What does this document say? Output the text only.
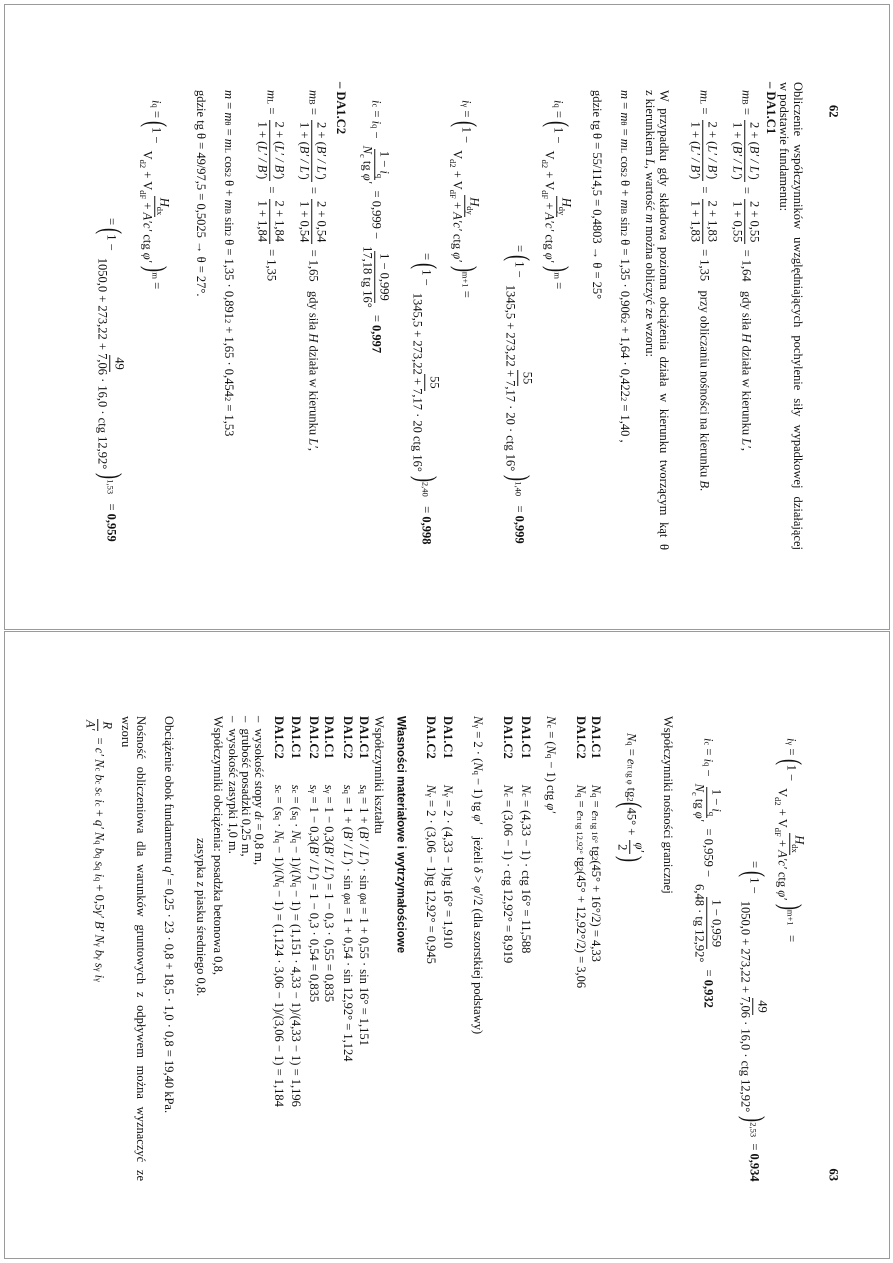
62
Obliczenie współczynników uwzględniających pochylenie siły wypadkowej działającej
w podstawie fundamentu:
– DA1.C1
m
B
=
2 + (B′ / L′)
1 + (B′ / L′)
=
2 + 0,55
1 + 0,55
= 1,64   gdy siła
H
działa w kierunku
L′
,
m
L
=
2 + (L′ / B′)
1 + (L′ / B′)
=
2 + 1,83
1 + 1,83
= 1,35   przy obliczaniu nośności na kierunku
B
.
W przypadku gdy składowa pozioma obciążenia działa w kierunku tworzącym kąt θ
z kierunkiem
L
, wartość
m
można obliczyć ze wzoru:
m
=
m
θ
=
m
L
cos
2
θ +
m
B
sin
2
θ = 1,35 · 0,906
2
+ 1,64 · 0,422
2
= 1,40 ,
gdzie tg θ = 55/114,5 = 0,4803 → θ = 25°
i
q
=
(
1 −
$H_{dy}$
$V_{d2} + V_{dF} + A'c'$ ctg φ′
)
m
=
=
(
1 −
55
1345,5 + 273,22 + 7,17 · 20 · ctg 16°
)
1,40
=
0,999
i
γ
=
(
1 −
$H_{dy}$
$V_{d2} + V_{dF} + A'c'$ ctg φ′
)
m+1
=
=
(
1 −
55
1345,5 + 273,22 + 7,17 · 20 ctg 16°
)
2,40
=
0,998
i
c
=
i
q
−
$1 - i_q$
$N_c$ tg φ′
= 0,999 −
1 − 0,999
17,18 tg 16°
=
0,997
– DA1.C2
m
B
=
2 + (B′ / L′)
1 + (B′ / L′)
=
2 + 0,54
1 + 0,54
= 1,65   gdy siła
H
działa w kierunku
L′
,
m
L
=
2 + (L′ / B′)
1 + (L′ / B′)
=
2 + 1,84
1 + 1,84
= 1,35
m
=
m
θ
=
m
L
cos
2
θ +
m
B
sin
2
θ = 1,35 · 0,891
2
+ 1,65 · 0,454
2
= 1,53
gdzie tg θ = 49/97,5 = 0,5025 → θ = 27°.
i
q
=
(
1 −
$H_{dx}$
$V_{d2} + V_{dF} + A'c'$ ctg φ′
)
m
=
=
(
1 −
49
1050,0 + 273,22 + 7,06 · 16,0 · ctg 12,92°
)
1,53
=
0,959
63
i
γ
=
(
1 −
$H_{dx}$
$V_{d2} + V_{dF} + A'c'$ ctg φ′
)
m+1
=
=
(
1 −
49
1050,0 + 273,22 + 7,06 · 16,0 · ctg 12,92°
)
2,53
=
0,934
i
c
=
i
q
−
$1 - i_q$
$N_c$ tg φ′
= 0,959 −
1 − 0,959
6,48 · tg 12,92°
=
0,932
Współczynniki nośności granicznej
N
q
=
e
π tg φ
tg
2
(
45° +
φ′
2
)
DA1.C1
N
q
=
e
π tg 16°
tg
2
(45° + 16°/2) = 4,33
DA1.C2
N
q
=
e
π tg 12,92°
tg
2
(45° + 12,92°/2) = 3,06
N
c
= (
N
q
− 1) ctg
φ′
DA1.C1
N
c
= (4,33 − 1) · ctg 16° = 11,588
DA1.C2
N
c
= (3,06 − 1) · ctg 12,92° = 8,919
N
γ
= 2 · (
N
q
− 1) tg
φ′
jeżeli
δ
>
φ′
/2 (dla szorstkiej podstawy)
DA1.C1
N
γ
= 2 · (4,33 − 1)tg 16° = 1,910
DA1.C2
N
γ
= 2 · (3,06 − 1)tg 12,92° = 0,945
Własności materiałowe i wytrzymałościowe
Współczynniki kształtu
DA1.C1
s
q
= 1 + (
B′ / L′
) · sin
φ
d
= 1 + 0,55 · sin 16° = 1,151
DA1.C2
s
q
= 1 + (
B′ / L′
) · sin
φ
d
= 1 + 0,54 · sin 12,92° = 1,124
DA1.C1
s
γ
= 1 − 0,3(
B′ / L′
) = 1 − 0,3 · 0,55 = 0,835
DA1.C2
s
γ
= 1 − 0,3(
B′ / L′
) = 1 − 0,3 · 0,54 = 0,835
DA1.C1
s
c
= (
s
q
·
N
q
− 1)/(
N
q
− 1) = (1,151 · 4,33 − 1)/(4,33 − 1) = 1,196
DA1.C2
s
c
= (
s
q
·
N
q
− 1)/(
N
q
− 1) = (1,124 · 3,06 − 1)/(3,06 − 1) = 1,184
–  wysokość stopy
d
f
= 0,8 m,
–  grubość posadzki 0,25 m,
–  wysokość zasypki 1,0 m.
Współczynniki obciążenia: posadzka betonowa 0,8,
zasypka z piasku średniego 0,8.
Obciążenie obok fundamentu
q′
= 0,25 · 23 · 0,8 + 18,5 · 1,0 · 0,8 = 19,40 kPa.
Nośność obliczeniowa dla warunków gruntowych z odpływem można wyznaczyć ze
wzoru
R
A′
=
c′ N
c
b
c
s
c
i
c
+
q′ N
q
b
q
s
q
i
q
+ 0,5
γ′ B′ N
γ
b
γ
s
γ
i
γ
